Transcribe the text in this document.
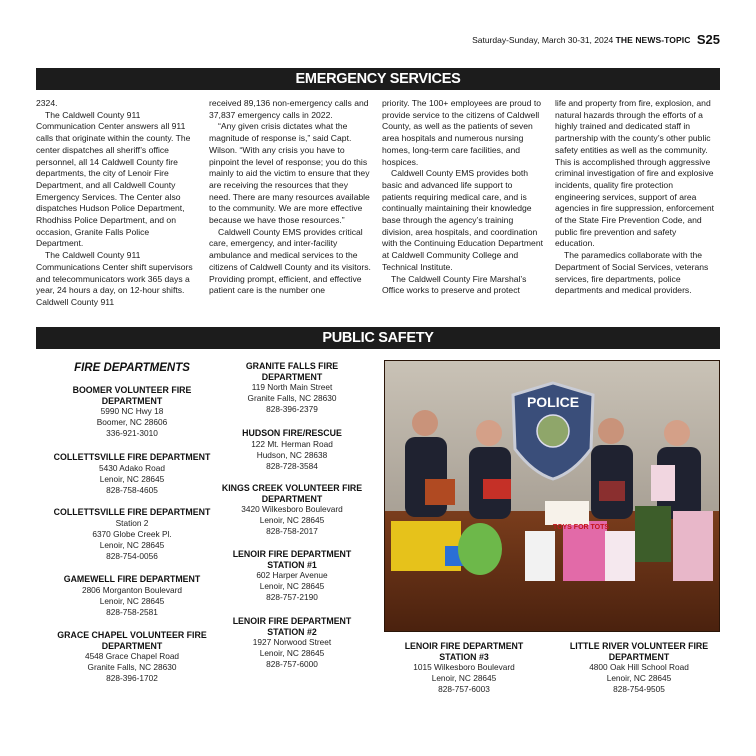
Saturday-Sunday, March 30-31, 2024 THE NEWS-TOPIC S25
EMERGENCY SERVICES

2324.

The Caldwell County 911 Communication Center answers all 911 calls that originate within the county. The center dispatches all sheriff’s office personnel, all 14 Caldwell County fire departments, the city of Lenoir Fire Department, and all Caldwell County Emergency Services. The Center also dispatches Hudson Police Department, Rhodhiss Police Department, and on occasion, Granite Falls Police Department.

The Caldwell County 911 Communications Center shift supervisors and telecommunicators work 365 days a year, 24 hours a day, on 12-hour shifts. Caldwell County 911

received 89,136 non-emergency calls and 37,837 emergency calls in 2022.

“Any given crisis dictates what the magnitude of response is,” said Capt. Wilson. “With any crisis you have to pinpoint the level of response; you do this mainly to aid the victim to ensure that they are receiving the resources that they need. There are many resources available to the community. We are more effective because we have those resources.”

Caldwell County EMS provides critical care, emergency, and inter-facility ambulance and medical services to the citizens of Caldwell County and its visitors. Providing prompt, efficient, and effective patient care is the number one

priority. The 100+ employees are proud to provide service to the citizens of Caldwell County, as well as the patients of seven area hospitals and numerous nursing homes, long-term care facilities, and hospices.

Caldwell County EMS provides both basic and advanced life support to patients requiring medical care, and is continually maintaining their knowledge base through the agency’s training division, area hospitals, and coordination with the Continuing Education Department at Caldwell Community College and Technical Institute.

The Caldwell County Fire Marshal’s Office works to preserve and protect

life and property from fire, explosion, and natural hazards through the efforts of a highly trained and dedicated staff in partnership with the county’s other public safety entities as well as the community. This is accomplished through aggressive criminal investigation of fire and explosive incidents, quality fire protection engineering services, support of area agencies in fire suppression, enforcement of the State Fire Prevention Code, and public fire prevention and safety education.

The paramedics collaborate with the Department of Social Services, veterans services, fire departments, police departments and medical providers.

PUBLIC SAFETY
FIRE DEPARTMENTS
BOOMER VOLUNTEER FIRE DEPARTMENT
5990 NC Hwy 18
Boomer, NC 28606
336-921-3010
COLLETTSVILLE FIRE DEPARTMENT
5430 Adako Road
Lenoir, NC 28645
828-758-4605
COLLETTSVILLE FIRE DEPARTMENT
Station 2
6370 Globe Creek Pl.
Lenoir, NC 28645
828-754-0056
GAMEWELL FIRE DEPARTMENT
2806 Morganton Boulevard
Lenoir, NC 28645
828-758-2581
GRACE CHAPEL VOLUNTEER FIRE DEPARTMENT
4548 Grace Chapel Road
Granite Falls, NC 28630
828-396-1702
GRANITE FALLS FIRE DEPARTMENT
119 North Main Street
Granite Falls, NC 28630
828-396-2379
HUDSON FIRE/RESCUE
122 Mt. Herman Road
Hudson, NC 28638
828-728-3584
KINGS CREEK VOLUNTEER FIRE DEPARTMENT
3420 Wilkesboro Boulevard
Lenoir, NC 28645
828-758-2017
LENOIR FIRE DEPARTMENT STATION #1
602 Harper Avenue
Lenoir, NC 28645
828-757-2190
LENOIR FIRE DEPARTMENT STATION #2
1927 Norwood Street
Lenoir, NC 28645
828-757-6000
LENOIR FIRE DEPARTMENT STATION #3
1015 Wilkesboro Boulevard
Lenoir, NC 28645
828-757-6003
LITTLE RIVER VOLUNTEER FIRE DEPARTMENT
4800 Oak Hill School Road
Lenoir, NC 28645
828-754-9505
POLICE
TOYS FOR TOTS
